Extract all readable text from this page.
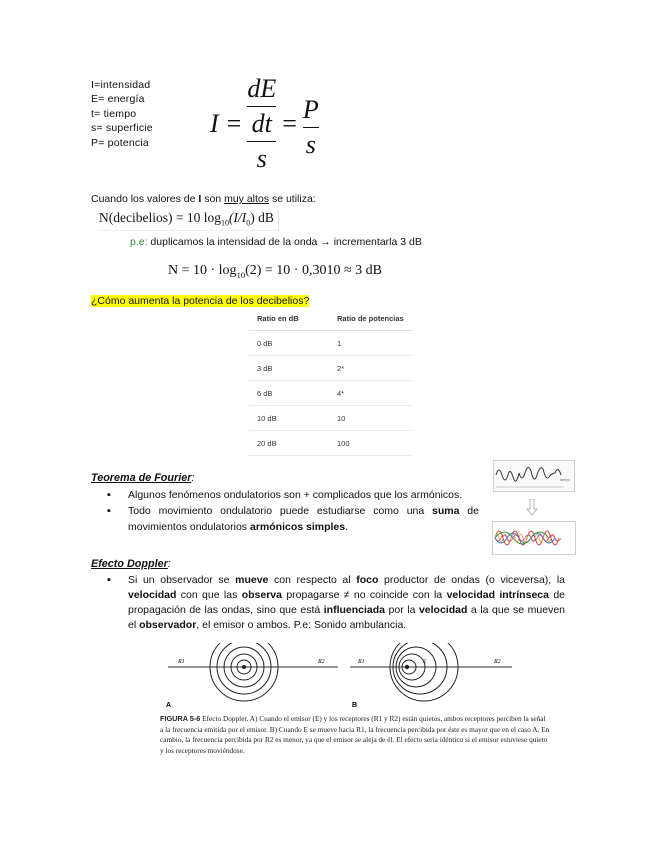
I=intensidad
E= energía
t= tiempo
s= superficie
P= potencia
$I = \frac{\frac{dE}{dt}}{s} = \frac{P}{s}$
Cuando los valores de I son muy altos se utiliza:
N(decibelios) = 10 $\log_{10}(I/I_0)$ dB
p.e: duplicamos la intensidad de la onda → incrementarla 3 dB
$N = 10 \cdot \log_{10}(2) = 10 \cdot 0,3010 \approx 3$ dB
¿Cómo aumenta la potencia de los decibelios?
Ratio en dB	Ratio de potencias
0 dB	1
3 dB	2*
6 dB	4*
10 dB	10
20 dB	100
Teorema de Fourier:
▪ Algunos fenómenos ondulatorios son + complicados que los armónicos.
▪ Todo movimiento ondulatorio puede estudiarse como una suma de movimientos ondulatorios armónicos simples.
tiempo
Efecto Doppler:
▪ Si un observador se mueve con respecto al foco productor de ondas (o viceversa), la velocidad con que las observa propagarse ≠ no coincide con la velocidad intrínseca de propagación de las ondas, sino que está influenciada por la velocidad a la que se mueven el observador, el emisor o ambos. P.e: Sonido ambulancia.
R1	R2
A
E
R1	R2
B
FIGURA 5-6 Efecto Doppler. A) Cuando el emisor (E) y los receptores (R1 y R2) están quietos, ambos receptores perciben la señal a la frecuencia emitida por el emisor. B) Cuando E se mueve hacia R1, la frecuencia percibida por éste es mayor que en el caso A. En cambio, la frecuencia percibida por R2 es menor, ya que el emisor se aleja de él. El efecto sería idéntico si el emisor estuviese quieto y los receptores moviéndose.
